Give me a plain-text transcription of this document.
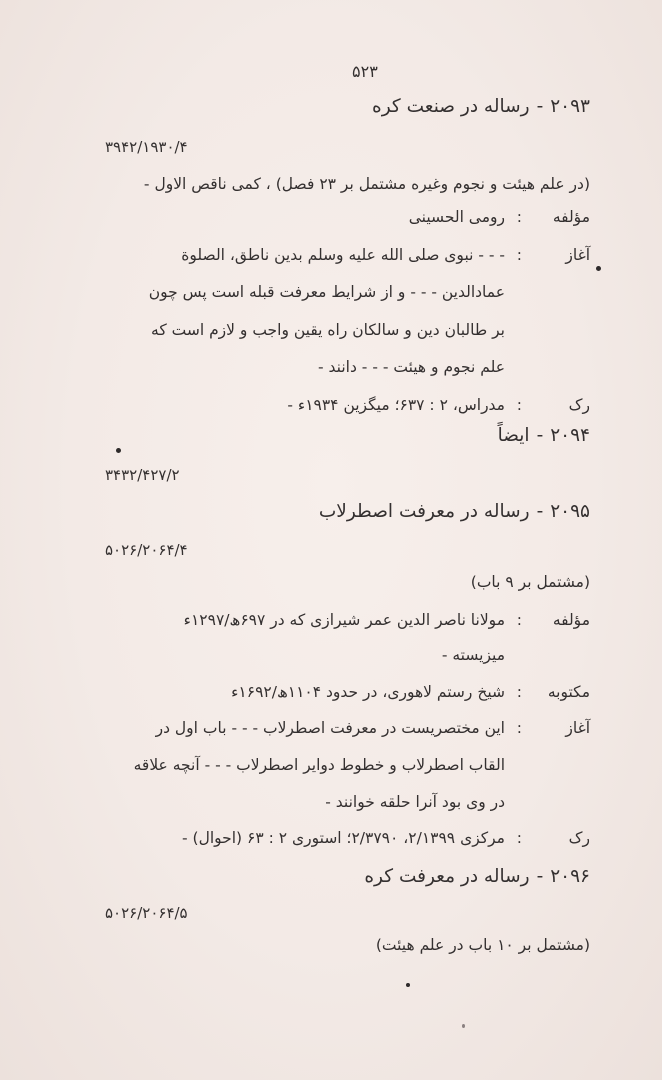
۵۲۳
۲۰۹۳-رساله در صنعت کره
۳۹۴۲/۱۹۳۰/۴
(در علم هیئت و نجوم وغیره مشتمل بر ۲۳ فصل) ، کمی ناقص الاول -
مؤلفه
:
رومی الحسینی
آغاز
:
- - - نبوی صلی الله علیه وسلم بدین ناطق، الصلوة
عمادالدین - - - و از شرایط معرفت قبله است پس چون
بر طالبان دین و سالکان راه یقین واجب و لازم است که
علم نجوم و هیئت - - - دانند -
رک
:
مدراس، ۲ : ۶۳۷؛ میگزین ۱۹۳۴ء -
۲۰۹۴-ایضاً
۳۴۳۲/۴۲۷/۲
۲۰۹۵-رساله در معرفت اصطرلاب
۵۰۲۶/۲۰۶۴/۴
(مشتمل بر ۹ باب)
مؤلفه
:
مولانا ناصر الدین عمر شیرازی که در ۶۹۷ھ/۱۲۹۷ء
میزیسته -
مکتوبه
:
شیخ رستم لاهوری، در حدود ۱۱۰۴ھ/۱۶۹۲ء
آغاز
:
این مختصریست در معرفت اصطرلاب - - - باب اول در
القاب اصطرلاب و خطوط دوایر اصطرلاب - - - آنچه علاقه
در وی بود آنرا حلقه خوانند -
رک
:
مرکزی ۲/۱۳۹۹، ۲/۳۷۹۰؛ استوری ۲ : ۶۳ (احوال) -
۲۰۹۶-رساله در معرفت کره
۵۰۲۶/۲۰۶۴/۵
(مشتمل بر ۱۰ باب در علم هیئت)
